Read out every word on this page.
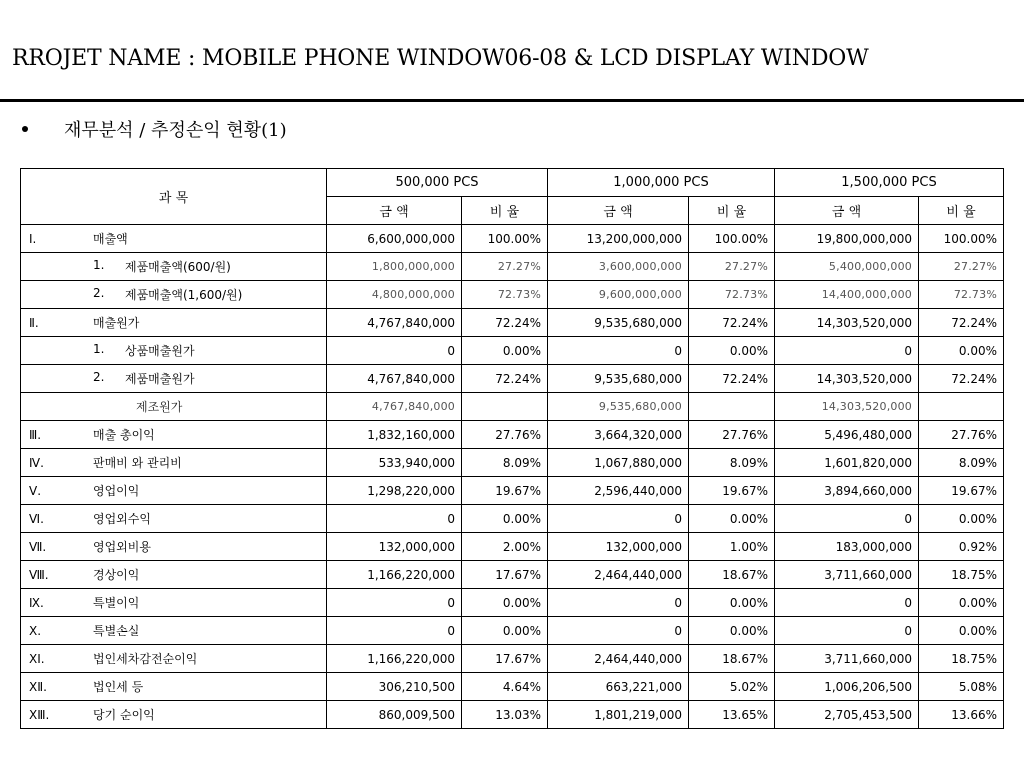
RROJET NAME : MOBILE PHONE WINDOW06-08 & LCD DISPLAY WINDOW
재무분석 / 추정손익 현황(1)
과 목	500,000 PCS		1,000,000 PCS		1,500,000 PCS	
	금 액	비 율	금 액	비 율	금 액	비 율

Ⅰ. 매출액	6,600,000,000	100.00%	13,200,000,000	100.00%	19,800,000,000	100.00%

1. 제품매출액(600/원)	1,800,000,000	27.27%	3,600,000,000	27.27%	5,400,000,000	27.27%

2. 제품매출액(1,600/원)	4,800,000,000	72.73%	9,600,000,000	72.73%	14,400,000,000	72.73%

Ⅱ. 매출원가	4,767,840,000	72.24%	9,535,680,000	72.24%	14,303,520,000	72.24%

1. 상품매출원가	0	0.00%	0	0.00%	0	0.00%

2. 제품매출원가	4,767,840,000	72.24%	9,535,680,000	72.24%	14,303,520,000	72.24%

제조원가	4,767,840,000		9,535,680,000		14,303,520,000	

Ⅲ. 매출 총이익	1,832,160,000	27.76%	3,664,320,000	27.76%	5,496,480,000	27.76%

Ⅳ. 판매비 와 관리비	533,940,000	8.09%	1,067,880,000	8.09%	1,601,820,000	8.09%

Ⅴ. 영업이익	1,298,220,000	19.67%	2,596,440,000	19.67%	3,894,660,000	19.67%

Ⅵ. 영업외수익	0	0.00%	0	0.00%	0	0.00%

Ⅶ. 영업외비용	132,000,000	2.00%	132,000,000	1.00%	183,000,000	0.92%

Ⅷ. 경상이익	1,166,220,000	17.67%	2,464,440,000	18.67%	3,711,660,000	18.75%

Ⅸ. 특별이익	0	0.00%	0	0.00%	0	0.00%

Ⅹ. 특별손실	0	0.00%	0	0.00%	0	0.00%

ⅩⅠ. 법인세차감전순이익	1,166,220,000	17.67%	2,464,440,000	18.67%	3,711,660,000	18.75%

ⅩⅡ. 법인세 등	306,210,500	4.64%	663,221,000	5.02%	1,006,206,500	5.08%

ⅩⅢ. 당기 순이익	860,009,500	13.03%	1,801,219,000	13.65%	2,705,453,500	13.66%
